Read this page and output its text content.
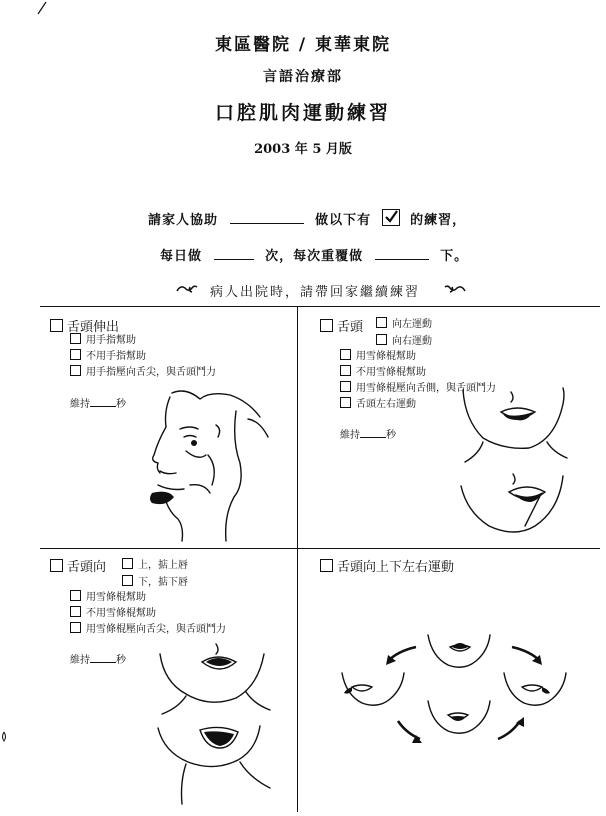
東區醫院 / 東華東院
言語治療部
口腔肌肉運動練習
2003 年 5 月版
請家人協助	做以下有	的練習，
每日做	次，每次重覆做	下。
病人出院時，請帶回家繼續練習
舌頭伸出
用手指幫助
不用手指幫助
用手指壓向舌尖，與舌頭鬥力
維持	秒
舌頭	向左運動
向右運動
用雪條棍幫助
不用雪條棍幫助
用雪條棍壓向舌側，與舌頭鬥力
舌頭左右運動
維持	秒
舌頭向	上，掂上唇
下，掂下唇
用雪條棍幫助
不用雪條棍幫助
用雪條棍壓向舌尖，與舌頭鬥力
維持	秒
舌頭向上下左右運動
